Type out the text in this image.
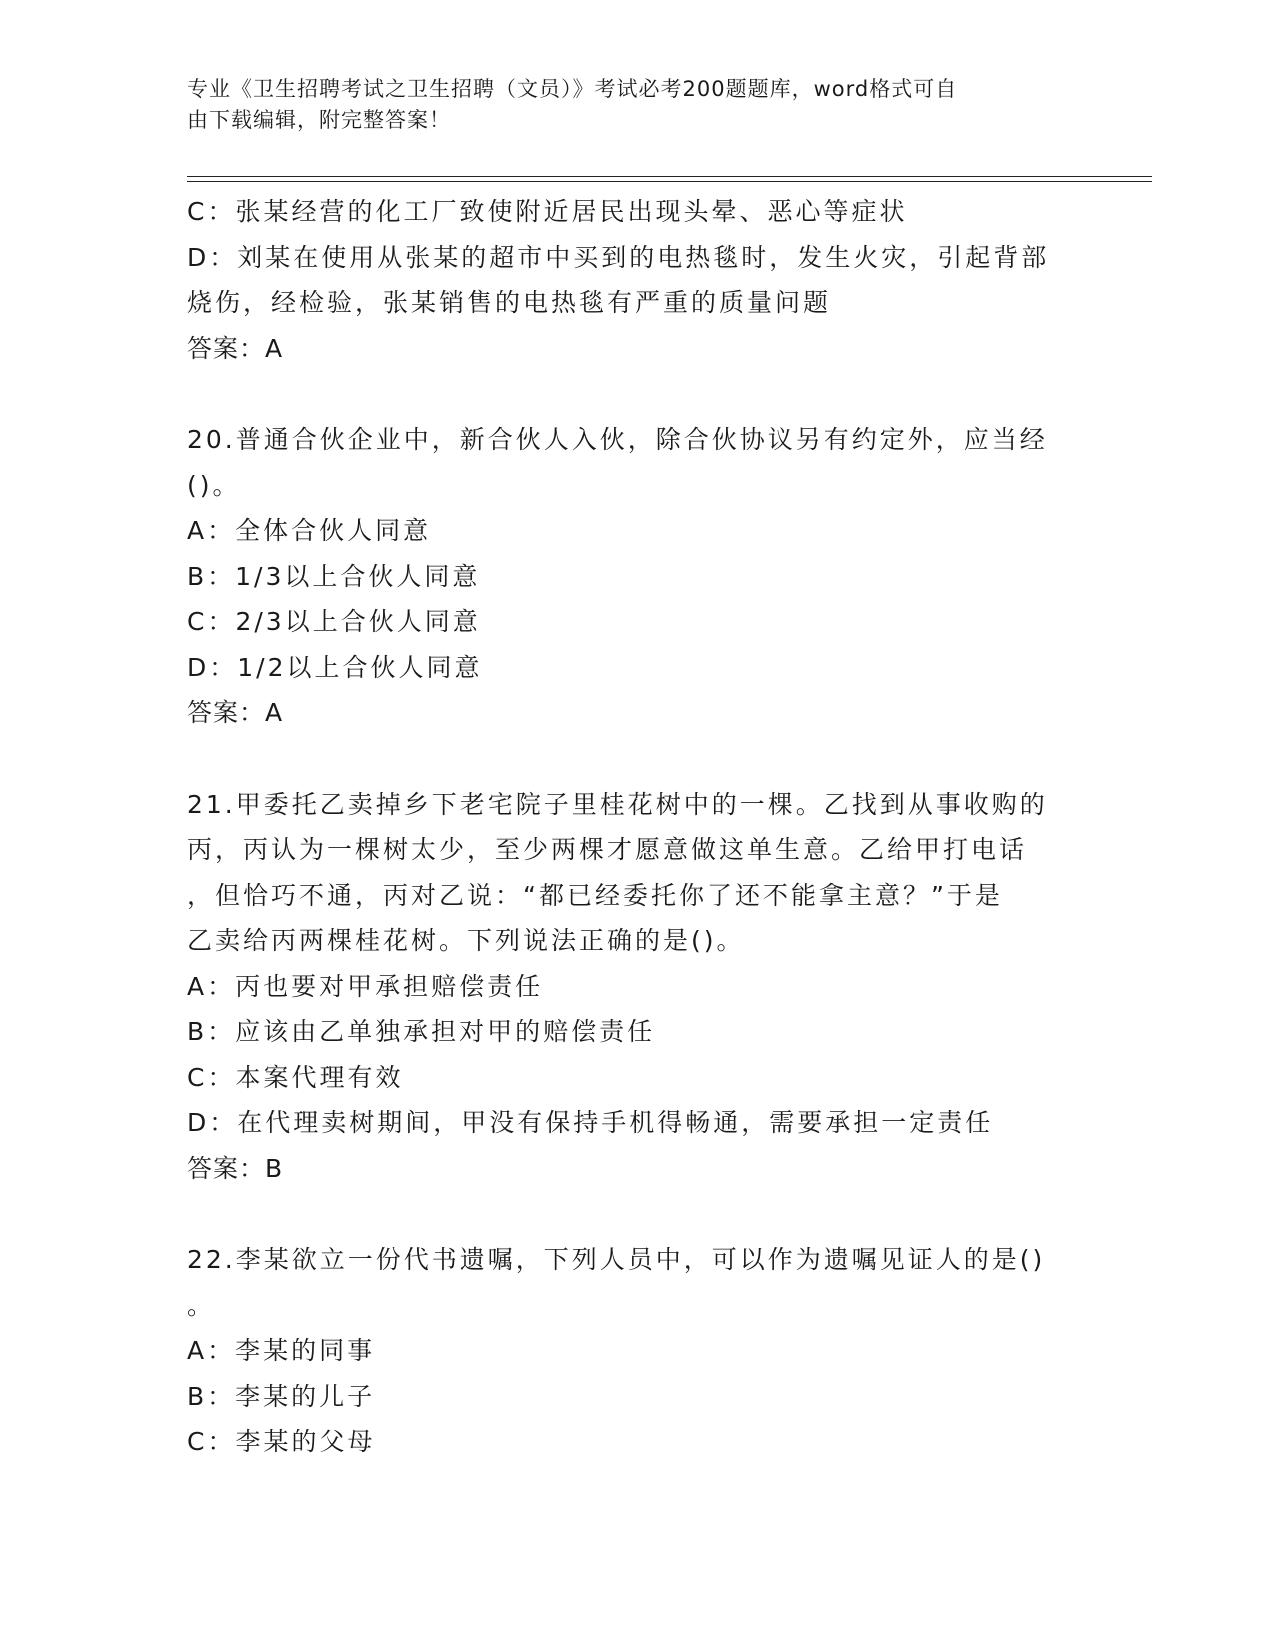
专业《卫生招聘考试之卫生招聘（文员）》考试必考200题题库，word格式可自
由下载编辑，附完整答案！

C：张某经营的化工厂致使附近居民出现头晕、恶心等症状

D：刘某在使用从张某的超市中买到的电热毯时，发生火灾，引起背部

烧伤，经检验，张某销售的电热毯有严重的质量问题

答案：A

20.普通合伙企业中，新合伙人入伙，除合伙协议另有约定外，应当经

()。

A：全体合伙人同意

B：1/3以上合伙人同意

C：2/3以上合伙人同意

D：1/2以上合伙人同意

答案：A

21.甲委托乙卖掉乡下老宅院子里桂花树中的一棵。乙找到从事收购的

丙，丙认为一棵树太少，至少两棵才愿意做这单生意。乙给甲打电话

，但恰巧不通，丙对乙说：“都已经委托你了还不能拿主意？”于是

乙卖给丙两棵桂花树。下列说法正确的是()。

A：丙也要对甲承担赔偿责任

B：应该由乙单独承担对甲的赔偿责任

C：本案代理有效

D：在代理卖树期间，甲没有保持手机得畅通，需要承担一定责任

答案：B

22.李某欲立一份代书遗嘱，下列人员中，可以作为遗嘱见证人的是()

。

A：李某的同事

B：李某的儿子

C：李某的父母
